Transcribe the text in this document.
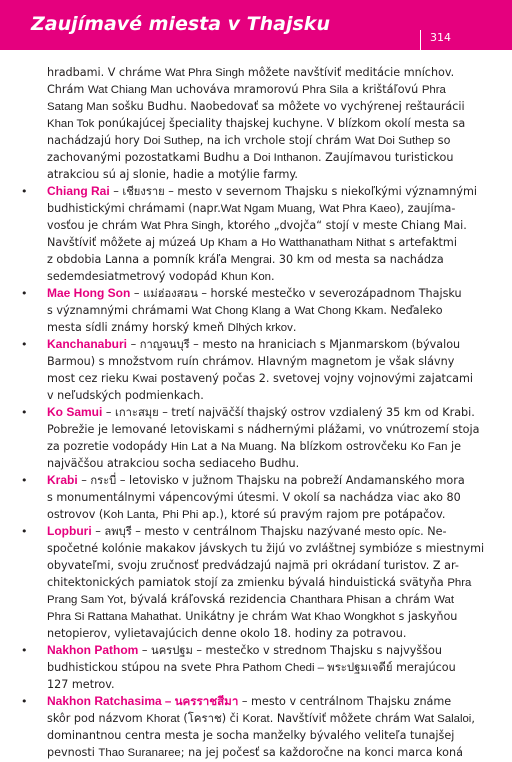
Zaujímavé miesta v Thajsku
314
hradbami. V chráme Wat Phra Singh môžete navštíviť meditácie mníchov.
Chrám Wat Chiang Man uchováva mramorovú Phra Sila a krištáľovú Phra
Satang Man sošku Budhu. Naobedovať sa môžete vo vychýrenej reštaurácii
Khan Tok ponúkajúcej špeciality thajskej kuchyne. V blízkom okolí mesta sa
nachádzajú hory Doi Suthep, na ich vrchole stojí chrám Wat Doi Suthep so
zachovanými pozostatkami Budhu a Doi Inthanon. Zaujímavou turistickou
atrakciou sú aj slonie, hadie a motýlie farmy.
• Chiang Rai – เชียงราย – mesto v severnom Thajsku s niekoľkými významnými
budhistickými chrámami (napr.Wat Ngam Muang, Wat Phra Kaeo), zaujíma-
vosťou je chrám Wat Phra Singh, ktorého „dvojča“ stojí v meste Chiang Mai.
Navštíviť môžete aj múzeá Up Kham a Ho Watthanatham Nithat s artefaktmi
z obdobia Lanna a pomník kráľa Mengrai. 30 km od mesta sa nachádza
sedemdesiatmetrový vodopád Khun Kon.
• Mae Hong Son – แม่ฮ่องสอน – horské mestečko v severozápadnom Thajsku
s významnými chrámami Wat Chong Klang a Wat Chong Kkam. Neďaleko
mesta sídli známy horský kmeň Dlhých krkov.
• Kanchanaburi – กาญจนบุรี – mesto na hraniciach s Mjanmarskom (bývalou
Barmou) s množstvom ruín chrámov. Hlavným magnetom je však slávny
most cez rieku Kwai postavený počas 2. svetovej vojny vojnovými zajatcami
v neľudských podmienkach.
• Ko Samui – เกาะสมุย – tretí najväčší thajský ostrov vzdialený 35 km od Krabi.
Pobrežie je lemované letoviskami s nádhernými plážami, vo vnútrozemí stoja
za pozretie vodopády Hin Lat a Na Muang. Na blízkom ostrovčeku Ko Fan je
najväčšou atrakciou socha sediaceho Budhu.
• Krabi – กระบี่ – letovisko v južnom Thajsku na pobreží Andamanského mora
s monumentálnymi vápencovými útesmi. V okolí sa nachádza viac ako 80
ostrovov (Koh Lanta, Phi Phi ap.), ktoré sú pravým rajom pre potápačov.
• Lopburi – ลพบุรี – mesto v centrálnom Thajsku nazývané mesto opíc. Ne-
spočetné kolónie makakov jávskych tu žijú vo zvláštnej symbióze s miestnymi
obyvateľmi, svoju zručnosť predvádzajú najmä pri okrádaní turistov. Z ar-
chitektonických pamiatok stojí za zmienku bývalá hinduistická svätyňa Phra
Prang Sam Yot, bývalá kráľovská rezidencia Chanthara Phisan a chrám Wat
Phra Si Rattana Mahathat. Unikátny je chrám Wat Khao Wongkhot s jaskyňou
netopierov, vylietavajúcich denne okolo 18. hodiny za potravou.
• Nakhon Pathom – นครปฐม – mestečko v strednom Thajsku s najvyššou
budhistickou stúpou na svete Phra Pathom Chedi – พระปฐมเจดีย์ merajúcou
127 metrov.
• Nakhon Ratchasima – นครราชสีมา – mesto v centrálnom Thajsku známe
skôr pod názvom Khorat (โคราช) či Korat. Navštíviť môžete chrám Wat Salaloi,
dominantnou centra mesta je socha manželky bývalého veliteľa tunajšej
pevnosti Thao Suranaree; na jej počesť sa každoročne na konci marca koná
